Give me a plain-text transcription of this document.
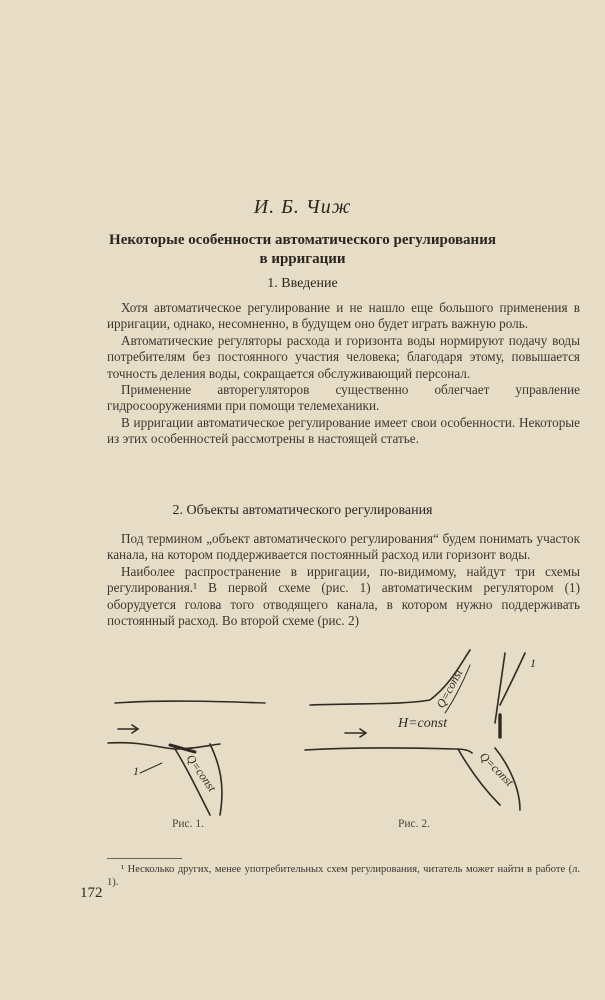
И. Б. Чиж
Некоторые особенности автоматического регулирования
в ирригации
1. Введение

Хотя автоматическое регулирование и не нашло еще большого применения в ирригации, однако, несомненно, в будущем оно будет играть важную роль.

Автоматические регуляторы расхода и горизонта воды нормируют подачу воды потребителям без постоянного участия человека; благодаря этому, повышается точность деления воды, сокращается обслуживающий персонал.

Применение авторегуляторов существенно облегчает управление гидросооружениями при помощи телемеханики.

В ирригации автоматическое регулирование имеет свои особенности. Некоторые из этих особенностей рассмотрены в настоящей статье.

2. Объекты автоматического регулирования

Под термином „объект автоматического регулирования“ будем понимать участок канала, на котором поддерживается постоянный расход или горизонт воды.

Наиболее распространение в ирригации, по-видимому, найдут три схемы регулирования.¹ В первой схеме (рис. 1) автоматическим регулятором (1) оборудуется голова того отводящего канала, в котором нужно поддерживать постоянный расход. Во второй схеме (рис. 2)

1	Q=const
Q=const
1
H=const
Q=const
Рис. 1.	Рис. 2.

¹ Несколько других, менее употребительных схем регулирования, читатель может найти в работе (л. 1).

172
